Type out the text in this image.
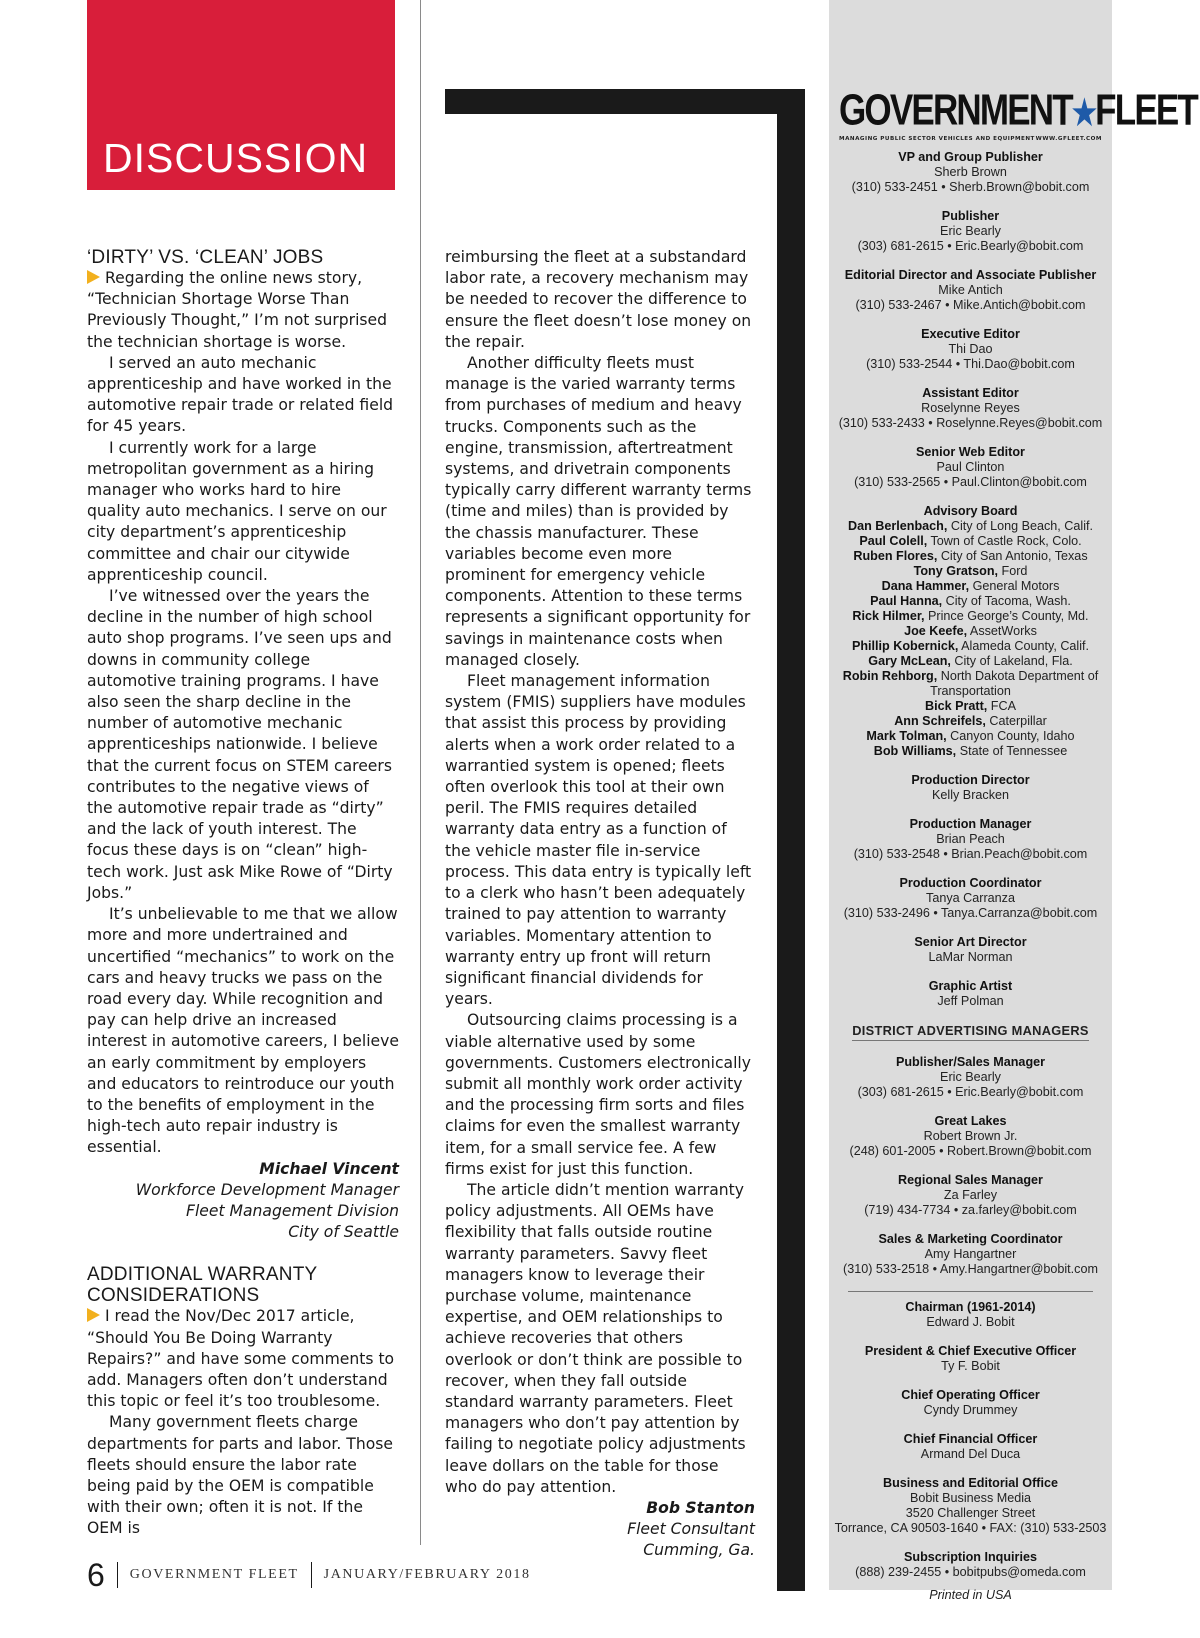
DISCUSSION
‘DIRTY’ VS. ‘CLEAN’ JOBS

Regarding the online news story, “Technician Shortage Worse Than Previously Thought,” I’m not surprised the technician shortage is worse.

I served an auto mechanic apprenticeship and have worked in the automotive repair trade or related field for 45 years.

I currently work for a large metropolitan government as a hiring manager who works hard to hire quality auto mechanics. I serve on our city department’s apprenticeship committee and chair our citywide apprenticeship council.

I’ve witnessed over the years the decline in the number of high school auto shop programs. I’ve seen ups and downs in community college automotive training programs. I have also seen the sharp decline in the number of automotive mechanic apprenticeships nationwide. I believe that the current focus on STEM careers contributes to the negative views of the automotive repair trade as “dirty” and the lack of youth interest. The focus these days is on “clean” high-tech work. Just ask Mike Rowe of “Dirty Jobs.”

It’s unbelievable to me that we allow more and more undertrained and uncertified “mechanics” to work on the cars and heavy trucks we pass on the road every day. While recognition and pay can help drive an increased interest in automotive careers, I believe an early commitment by employers and educators to reintroduce our youth to the benefits of employment in the high-tech auto repair industry is essential.

Michael Vincent
Workforce Development Manager
Fleet Management Division
City of Seattle
ADDITIONAL WARRANTY CONSIDERATIONS

I read the Nov/Dec 2017 article, “Should You Be Doing Warranty Repairs?” and have some comments to add. Managers often don’t understand this topic or feel it’s too troublesome.

Many government fleets charge departments for parts and labor. Those fleets should ensure the labor rate being paid by the OEM is compatible with their own; often it is not. If the OEM is

reimbursing the fleet at a substandard labor rate, a recovery mechanism may be needed to recover the difference to ensure the fleet doesn’t lose money on the repair.

Another difficulty fleets must manage is the varied warranty terms from purchases of medium and heavy trucks. Components such as the engine, transmission, aftertreatment systems, and drivetrain components typically carry different warranty terms (time and miles) than is provided by the chassis manufacturer. These variables become even more prominent for emergency vehicle components. Attention to these terms represents a significant opportunity for savings in maintenance costs when managed closely.

Fleet management information system (FMIS) suppliers have modules that assist this process by providing alerts when a work order related to a warrantied system is opened; fleets often overlook this tool at their own peril. The FMIS requires detailed warranty data entry as a function of the vehicle master file in-service process. This data entry is typically left to a clerk who hasn’t been adequately trained to pay attention to warranty variables. Momentary attention to warranty entry up front will return significant financial dividends for years.

Outsourcing claims processing is a viable alternative used by some governments. Customers electronically submit all monthly work order activity and the processing firm sorts and files claims for even the smallest warranty item, for a small service fee. A few firms exist for just this function.

The article didn’t mention warranty policy adjustments. All OEMs have flexibility that falls outside routine warranty parameters. Savvy fleet managers know to leverage their purchase volume, maintenance expertise, and OEM relationships to achieve recoveries that others overlook or don’t think are possible to recover, when they fall outside standard warranty parameters. Fleet managers who don’t pay attention by failing to negotiate policy adjustments leave dollars on the table for those who do pay attention.

Bob Stanton
Fleet Consultant
Cumming, Ga.
6 GOVERNMENT FLEET JANUARY/FEBRUARY 2018
GOVERNMENT★FLEET
MANAGING PUBLIC SECTOR VEHICLES AND EQUIPMENT WWW.GFLEET.COM
VP and Group Publisher
Sherb Brown
(310) 533-2451 • Sherb.Brown@bobit.com
Publisher
Eric Bearly
(303) 681-2615 • Eric.Bearly@bobit.com
Editorial Director and Associate Publisher
Mike Antich
(310) 533-2467 • Mike.Antich@bobit.com
Executive Editor
Thi Dao
(310) 533-2544 • Thi.Dao@bobit.com
Assistant Editor
Roselynne Reyes
(310) 533-2433 • Roselynne.Reyes@bobit.com
Senior Web Editor
Paul Clinton
(310) 533-2565 • Paul.Clinton@bobit.com
Advisory Board
Dan Berlenbach, City of Long Beach, Calif.
Paul Colell, Town of Castle Rock, Colo.
Ruben Flores, City of San Antonio, Texas
Tony Gratson, Ford
Dana Hammer, General Motors
Paul Hanna, City of Tacoma, Wash.
Rick Hilmer, Prince George’s County, Md.
Joe Keefe, AssetWorks
Phillip Kobernick, Alameda County, Calif.
Gary McLean, City of Lakeland, Fla.
Robin Rehborg, North Dakota Department of Transportation
Bick Pratt, FCA
Ann Schreifels, Caterpillar
Mark Tolman, Canyon County, Idaho
Bob Williams, State of Tennessee
Production Director
Kelly Bracken
Production Manager
Brian Peach
(310) 533-2548 • Brian.Peach@bobit.com
Production Coordinator
Tanya Carranza
(310) 533-2496 • Tanya.Carranza@bobit.com
Senior Art Director
LaMar Norman
Graphic Artist
Jeff Polman
DISTRICT ADVERTISING MANAGERS
Publisher/Sales Manager
Eric Bearly
(303) 681-2615 • Eric.Bearly@bobit.com
Great Lakes
Robert Brown Jr.
(248) 601-2005 • Robert.Brown@bobit.com
Regional Sales Manager
Za Farley
(719) 434-7734 • za.farley@bobit.com
Sales & Marketing Coordinator
Amy Hangartner
(310) 533-2518 • Amy.Hangartner@bobit.com
Chairman (1961-2014)
Edward J. Bobit
President & Chief Executive Officer
Ty F. Bobit
Chief Operating Officer
Cyndy Drummey
Chief Financial Officer
Armand Del Duca
Business and Editorial Office
Bobit Business Media
3520 Challenger Street
Torrance, CA 90503-1640 • FAX: (310) 533-2503
Subscription Inquiries
(888) 239-2455 • bobitpubs@omeda.com
Printed in USA
